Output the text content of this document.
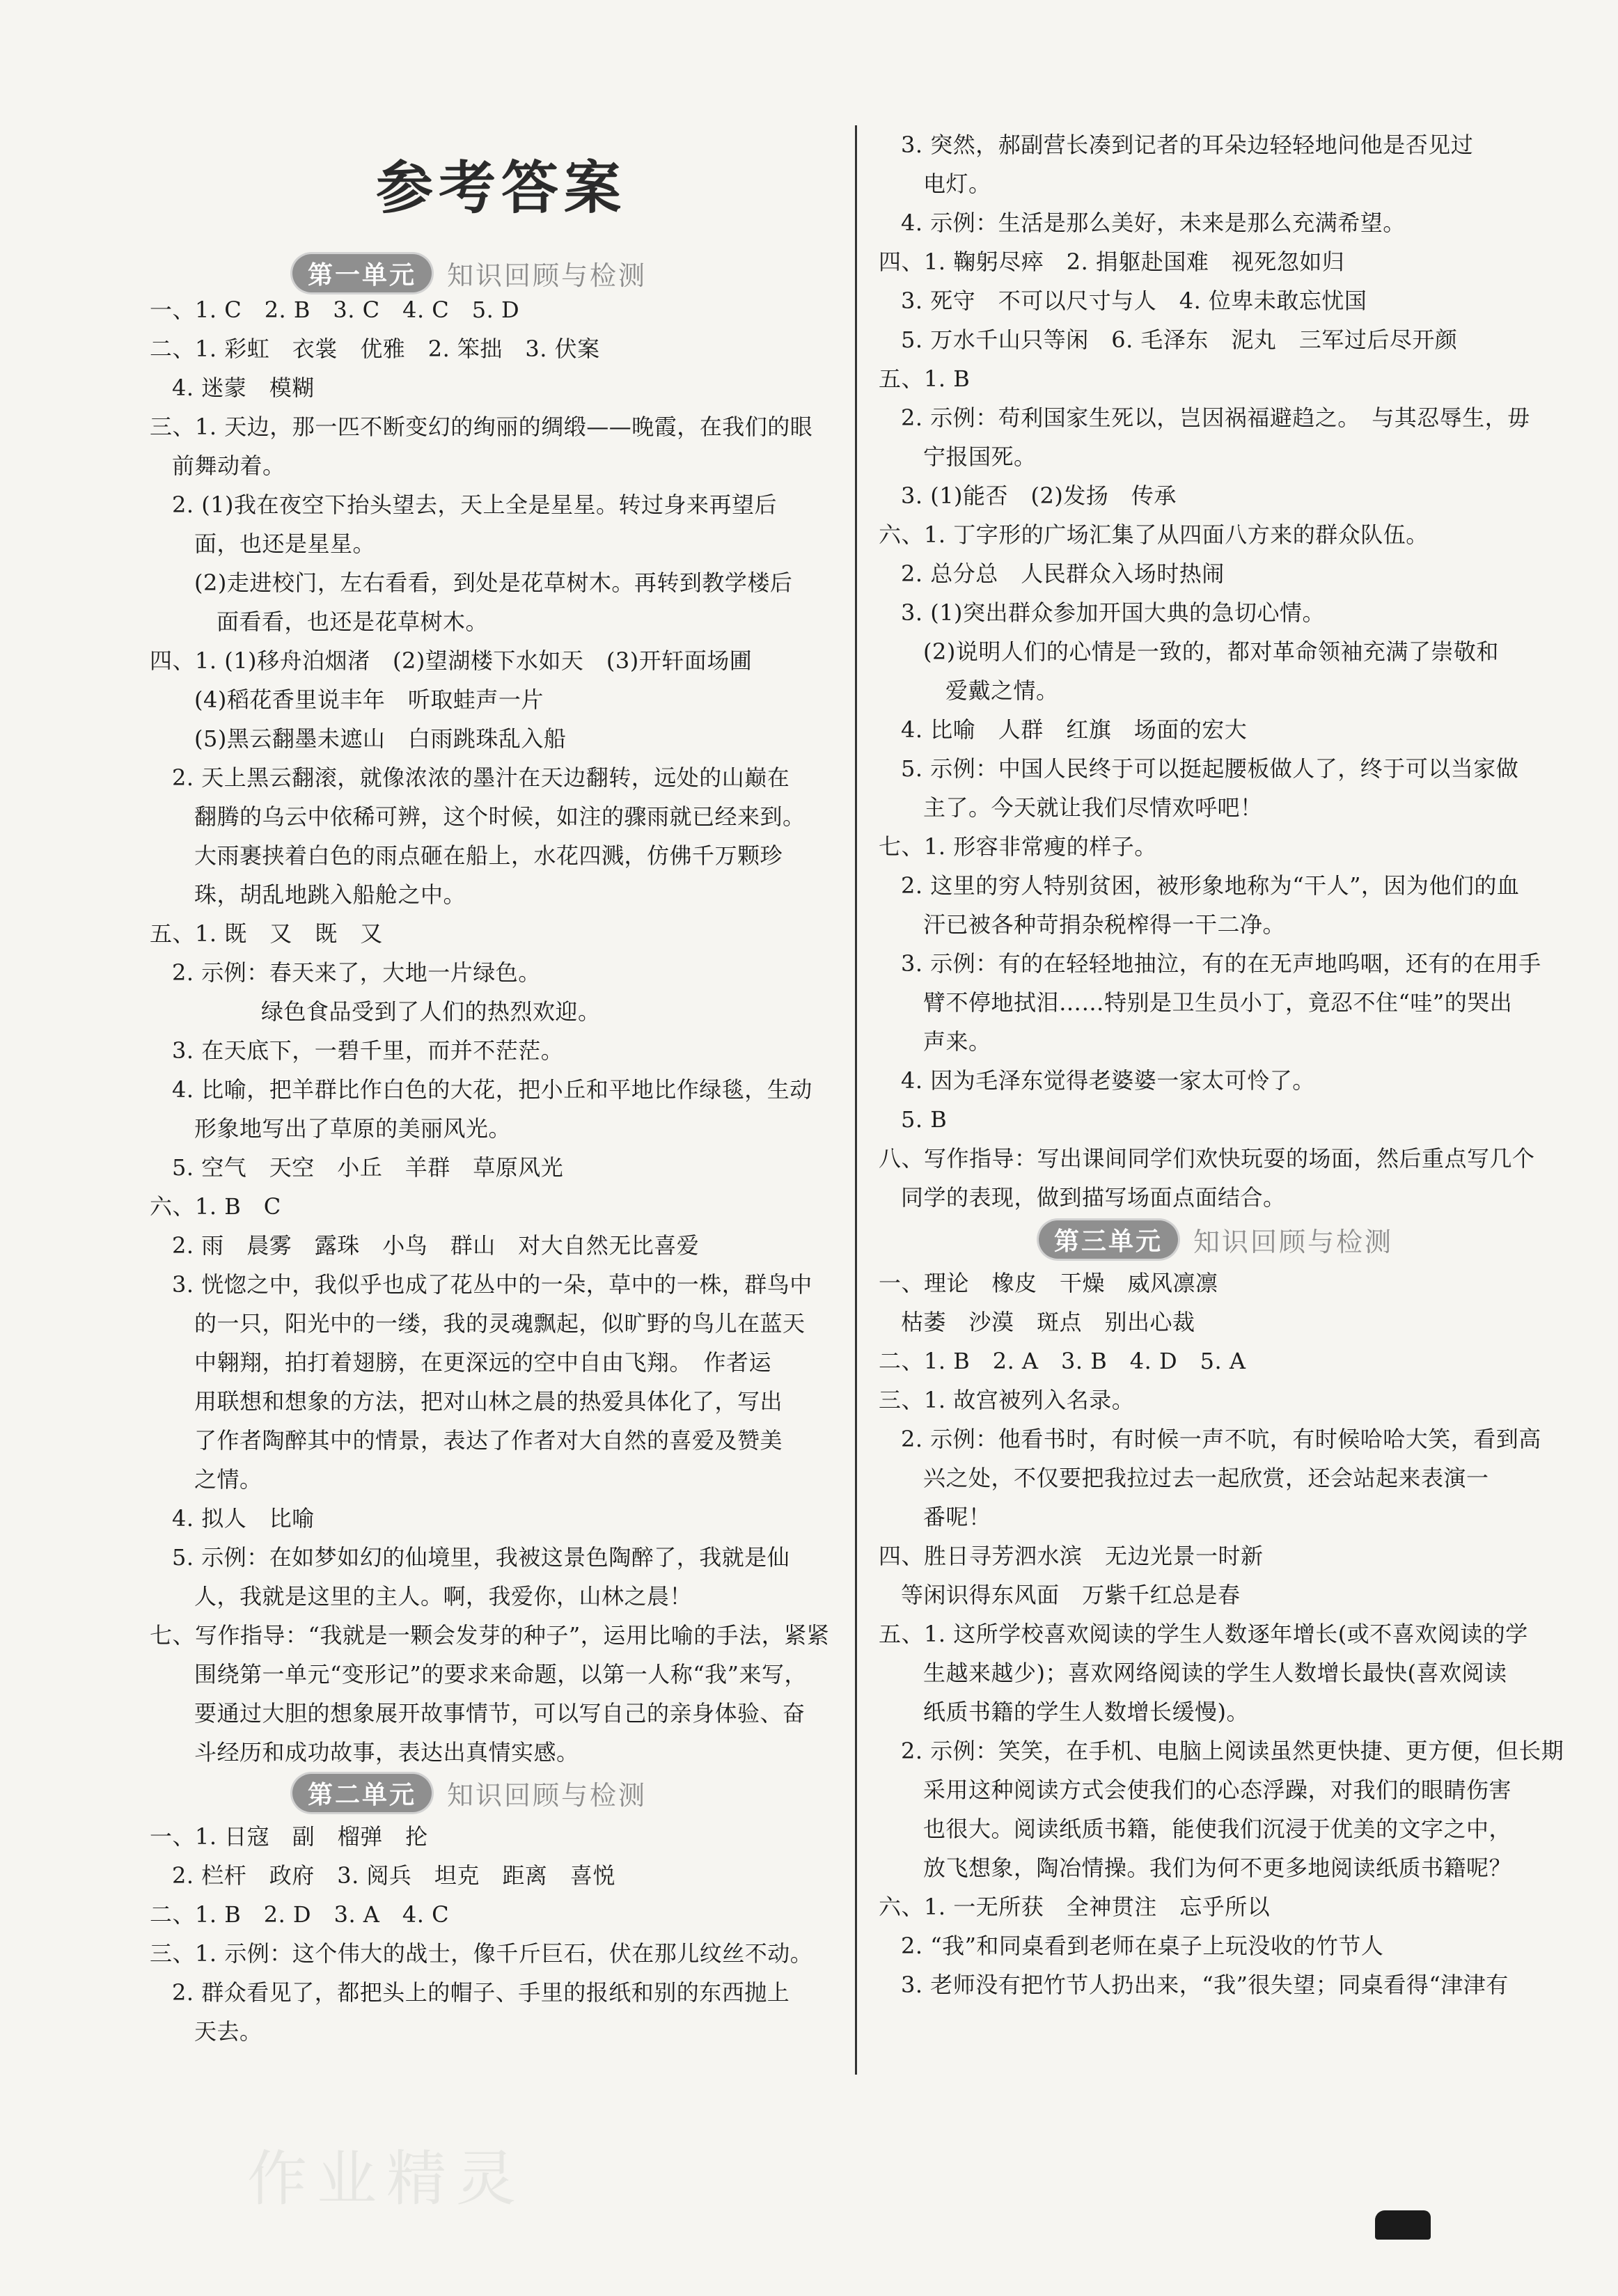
参考答案
第一单元	知识回顾与检测
一、1. C　2. B　3. C　4. C　5. D
二、1. 彩虹　衣裳　优雅　2. 笨拙　3. 伏案
4. 迷蒙　模糊
三、1. 天边，那一匹不断变幻的绚丽的绸缎——晚霞，在我们的眼
前舞动着。
2. (1)我在夜空下抬头望去，天上全是星星。转过身来再望后
面，也还是星星。
(2)走进校门，左右看看，到处是花草树木。再转到教学楼后
面看看，也还是花草树木。
四、1. (1)移舟泊烟渚　(2)望湖楼下水如天　(3)开轩面场圃
(4)稻花香里说丰年　听取蛙声一片
(5)黑云翻墨未遮山　白雨跳珠乱入船
2. 天上黑云翻滚，就像浓浓的墨汁在天边翻转，远处的山巅在
翻腾的乌云中依稀可辨，这个时候，如注的骤雨就已经来到。
大雨裹挟着白色的雨点砸在船上，水花四溅，仿佛千万颗珍
珠，胡乱地跳入船舱之中。
五、1. 既　又　既　又
2. 示例：春天来了，大地一片绿色。
绿色食品受到了人们的热烈欢迎。
3. 在天底下，一碧千里，而并不茫茫。
4. 比喻，把羊群比作白色的大花，把小丘和平地比作绿毯，生动
形象地写出了草原的美丽风光。
5. 空气　天空　小丘　羊群　草原风光
六、1. B　C
2. 雨　晨雾　露珠　小鸟　群山　对大自然无比喜爱
3. 恍惚之中，我似乎也成了花丛中的一朵，草中的一株，群鸟中
的一只，阳光中的一缕，我的灵魂飘起，似旷野的鸟儿在蓝天
中翱翔，拍打着翅膀，在更深远的空中自由飞翔。　作者运
用联想和想象的方法，把对山林之晨的热爱具体化了，写出
了作者陶醉其中的情景，表达了作者对大自然的喜爱及赞美
之情。
4. 拟人　比喻
5. 示例：在如梦如幻的仙境里，我被这景色陶醉了，我就是仙
人，我就是这里的主人。啊，我爱你，山林之晨！
七、写作指导：“我就是一颗会发芽的种子”，运用比喻的手法，紧紧
围绕第一单元“变形记”的要求来命题，以第一人称“我”来写，
要通过大胆的想象展开故事情节，可以写自己的亲身体验、奋
斗经历和成功故事，表达出真情实感。
第二单元	知识回顾与检测
一、1. 日寇　副　榴弹　抡
2. 栏杆　政府　3. 阅兵　坦克　距离　喜悦
二、1. B　2. D　3. A　4. C
三、1. 示例：这个伟大的战士，像千斤巨石，伏在那儿纹丝不动。
2. 群众看见了，都把头上的帽子、手里的报纸和别的东西抛上
天去。
3. 突然，郝副营长凑到记者的耳朵边轻轻地问他是否见过
电灯。
4. 示例：生活是那么美好，未来是那么充满希望。
四、1. 鞠躬尽瘁　2. 捐躯赴国难　视死忽如归
3. 死守　不可以尺寸与人　4. 位卑未敢忘忧国
5. 万水千山只等闲　6. 毛泽东　泥丸　三军过后尽开颜
五、1. B
2. 示例：苟利国家生死以，岂因祸福避趋之。　与其忍辱生，毋
宁报国死。
3. (1)能否　(2)发扬　传承
六、1. 丁字形的广场汇集了从四面八方来的群众队伍。
2. 总分总　人民群众入场时热闹
3. (1)突出群众参加开国大典的急切心情。
(2)说明人们的心情是一致的，都对革命领袖充满了崇敬和
爱戴之情。
4. 比喻　人群　红旗　场面的宏大
5. 示例：中国人民终于可以挺起腰板做人了，终于可以当家做
主了。今天就让我们尽情欢呼吧！
七、1. 形容非常瘦的样子。
2. 这里的穷人特别贫困，被形象地称为“干人”，因为他们的血
汗已被各种苛捐杂税榨得一干二净。
3. 示例：有的在轻轻地抽泣，有的在无声地呜咽，还有的在用手
臂不停地拭泪……特别是卫生员小丁，竟忍不住“哇”的哭出
声来。
4. 因为毛泽东觉得老婆婆一家太可怜了。
5. B
八、写作指导：写出课间同学们欢快玩耍的场面，然后重点写几个
同学的表现，做到描写场面点面结合。
第三单元	知识回顾与检测
一、理论　橡皮　干燥　威风凛凛
枯萎　沙漠　斑点　别出心裁
二、1. B　2. A　3. B　4. D　5. A
三、1. 故宫被列入名录。
2. 示例：他看书时，有时候一声不吭，有时候哈哈大笑，看到高
兴之处，不仅要把我拉过去一起欣赏，还会站起来表演一
番呢！
四、胜日寻芳泗水滨　无边光景一时新
等闲识得东风面　万紫千红总是春
五、1. 这所学校喜欢阅读的学生人数逐年增长(或不喜欢阅读的学
生越来越少)；喜欢网络阅读的学生人数增长最快(喜欢阅读
纸质书籍的学生人数增长缓慢)。
2. 示例：笑笑，在手机、电脑上阅读虽然更快捷、更方便，但长期
采用这种阅读方式会使我们的心态浮躁，对我们的眼睛伤害
也很大。阅读纸质书籍，能使我们沉浸于优美的文字之中，
放飞想象，陶冶情操。我们为何不更多地阅读纸质书籍呢？
六、1. 一无所获　全神贯注　忘乎所以
2. “我”和同桌看到老师在桌子上玩没收的竹节人
3. 老师没有把竹节人扔出来，“我”很失望；同桌看得“津津有
作业精灵
